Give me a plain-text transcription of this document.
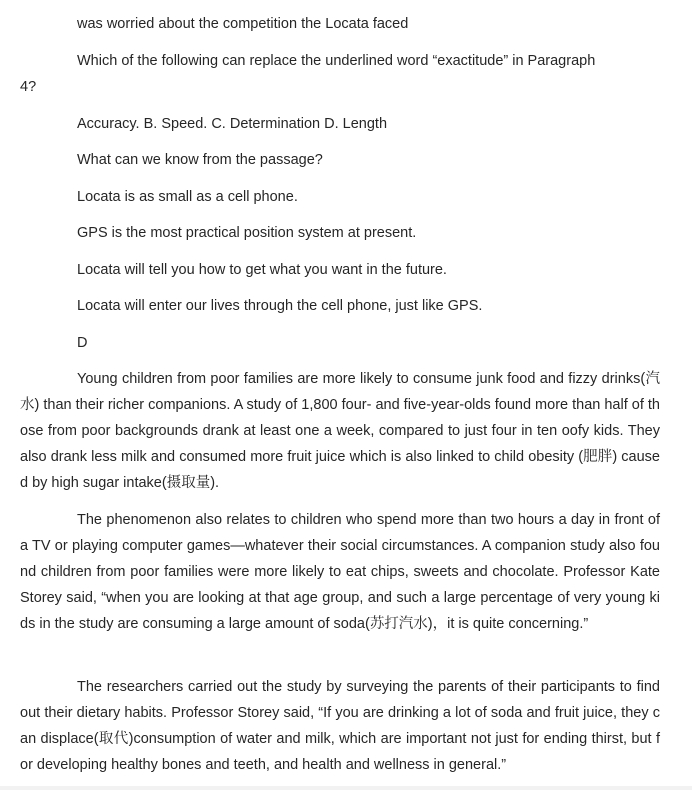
was worried about the competition the Locata faced
Which of the following can replace the underlined word “exactitude” in Paragraph
4?
Accuracy. B. Speed. C. Determination D. Length
What can we know from the passage?
Locata is as small as a cell phone.
GPS is the most practical position system at present.
Locata will tell you how to get what you want in the future.
Locata will enter our lives through the cell phone, just like GPS.
D
Young children from poor families are more likely to consume junk food and fizzy drinks(汽水) than their richer companions. A study of 1,800 four- and five-year-olds found more than half of those from poor backgrounds drank at least one a week, compared to just four in ten oofy kids. They also drank less milk and consumed more fruit juice which is also linked to child obesity (肥胖) caused by high sugar intake(摄取量).
The phenomenon also relates to children who spend more than two hours a day in front of a TV or playing computer games—whatever their social circumstances. A companion study also found children from poor families were more likely to eat chips, sweets and chocolate. Professor Kate Storey said, “when you are looking at that age group, and such a large percentage of very young kids in the study are consuming a large amount of soda(苏打汽水)，it is quite concerning.”
The researchers carried out the study by surveying the parents of their participants to find out their dietary habits. Professor Storey said, “If you are drinking a lot of soda and fruit juice, they can displace(取代)consumption of water and milk, which are important not just for ending thirst, but for developing healthy bones and teeth, and health and wellness in general.”
